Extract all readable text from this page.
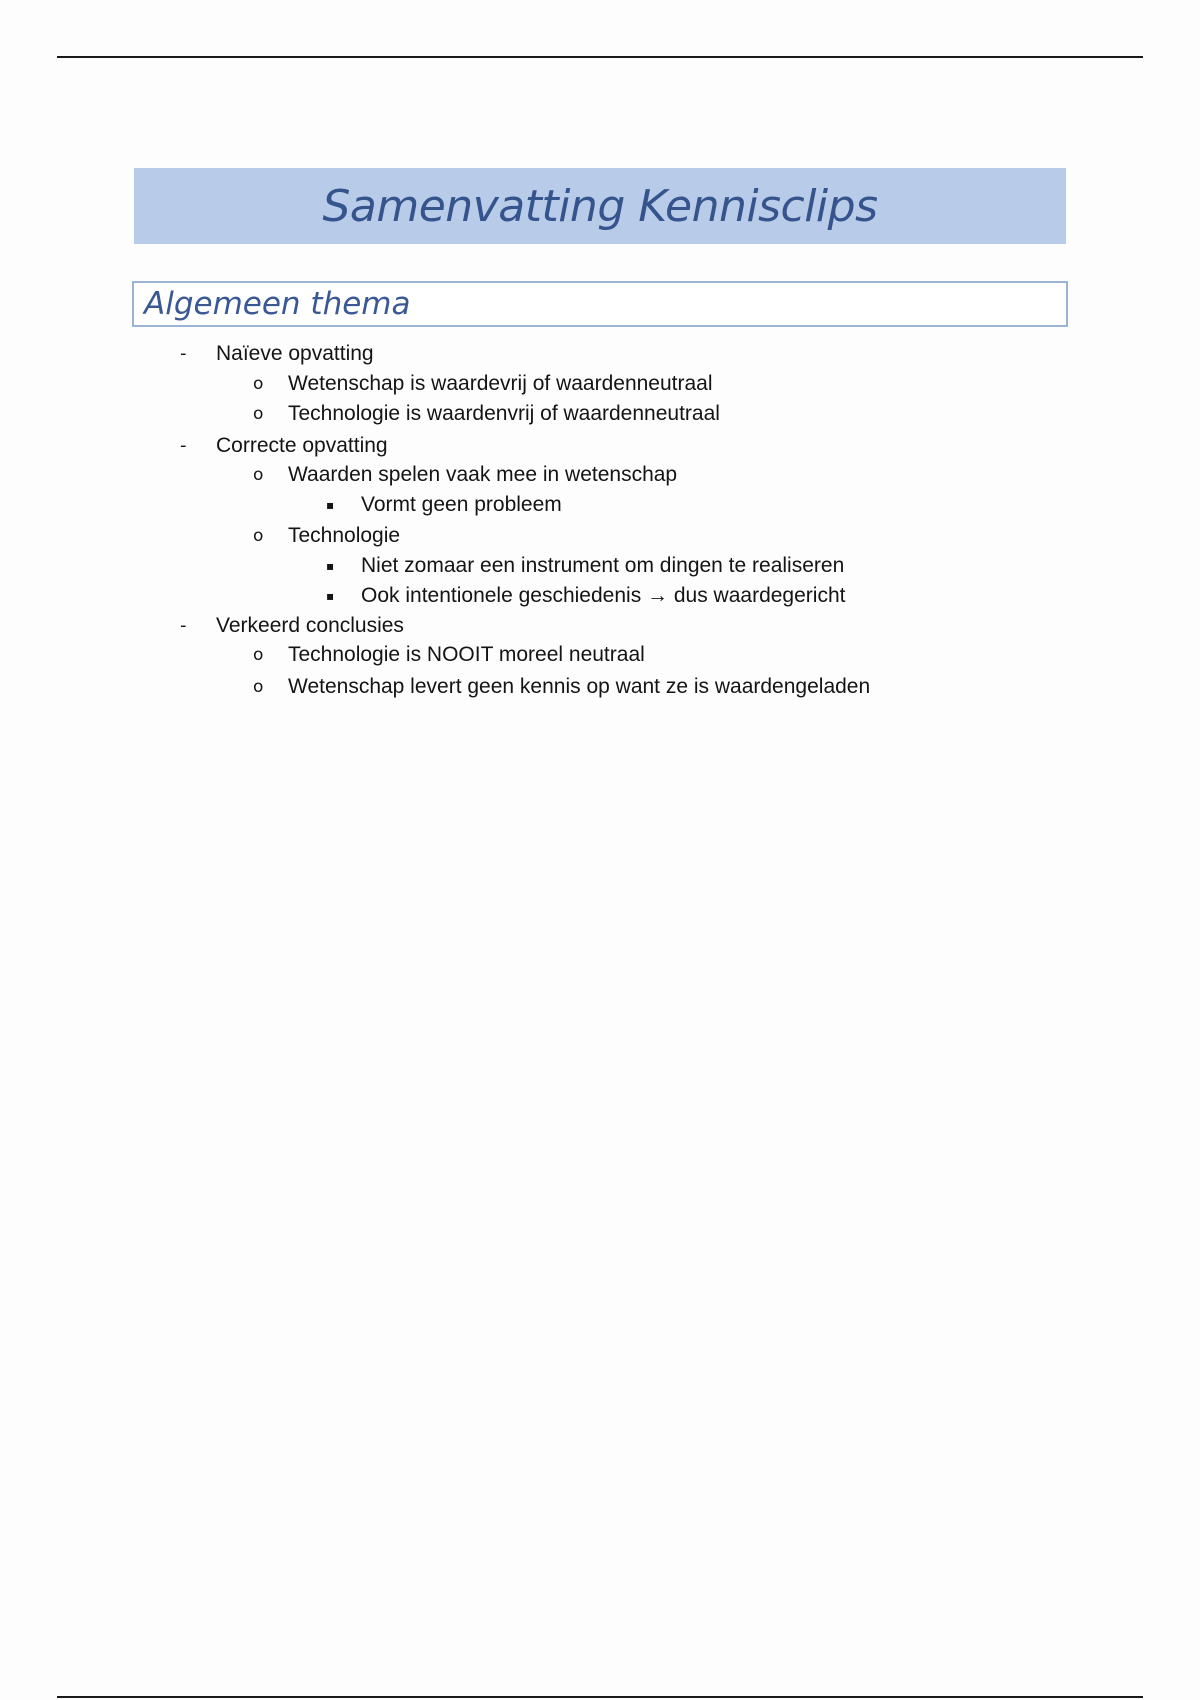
Samenvatting Kennisclips
Algemeen thema
- Naïeve opvatting
o Wetenschap is waardevrij of waardenneutraal
o Technologie is waardenvrij of waardenneutraal
- Correcte opvatting
o Waarden spelen vaak mee in wetenschap
▪ Vormt geen probleem
o Technologie
▪ Niet zomaar een instrument om dingen te realiseren
▪ Ook intentionele geschiedenis → dus waardegericht
- Verkeerd conclusies
o Technologie is NOOIT moreel neutraal
o Wetenschap levert geen kennis op want ze is waardengeladen
